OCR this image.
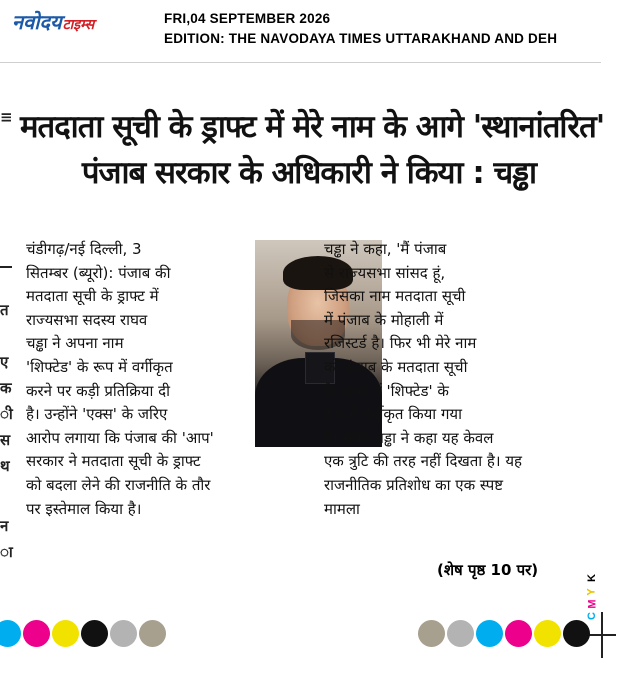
नवोदयटाइम्स	FRI,04 SEPTEMBER 2026
EDITION: THE NAVODAYA TIMES UTTARAKHAND AND DEH
≡
त
ए
क
ी
स
थ
न
ा
मतदाता सूची के ड्राफ्ट में मेरे नाम के आगे 'स्थानांतरित'
पंजाब सरकार के अधिकारी ने किया : चड्ढा
चंडीगढ़/नई दिल्ली, 3
सितम्बर (ब्यूरो): पंजाब की
मतदाता सूची के ड्राफ्ट में
राज्यसभा सदस्य राघव
चड्ढा ने अपना नाम
'शिफ्टेड' के रूप में वर्गीकृत
करने पर कड़ी प्रतिक्रिया दी
है। उन्होंने 'एक्स' के जरिए
आरोप लगाया कि पंजाब की 'आप'
सरकार ने मतदाता सूची के ड्राफ्ट
को बदला लेने की राजनीति के तौर
पर इस्तेमाल किया है।
चड्ढा ने कहा, 'मैं पंजाब
से राज्यसभा सांसद हूं,
जिसका नाम मतदाता सूची
में पंजाब के मोहाली में
रजिस्टर्ड है। फिर भी मेरे नाम
को पंजाब के मतदाता सूची
के ड्राफ्ट में 'शिफ्टेड' के
रूप में वर्गीकृत किया गया
है। राघव चड्ढा ने कहा यह केवल
एक त्रुटि की तरह नहीं दिखता है। यह
राजनीतिक प्रतिशोध का एक स्पष्ट
मामला
(शेष पृष्ठ 10 पर)
C
M
Y
K
